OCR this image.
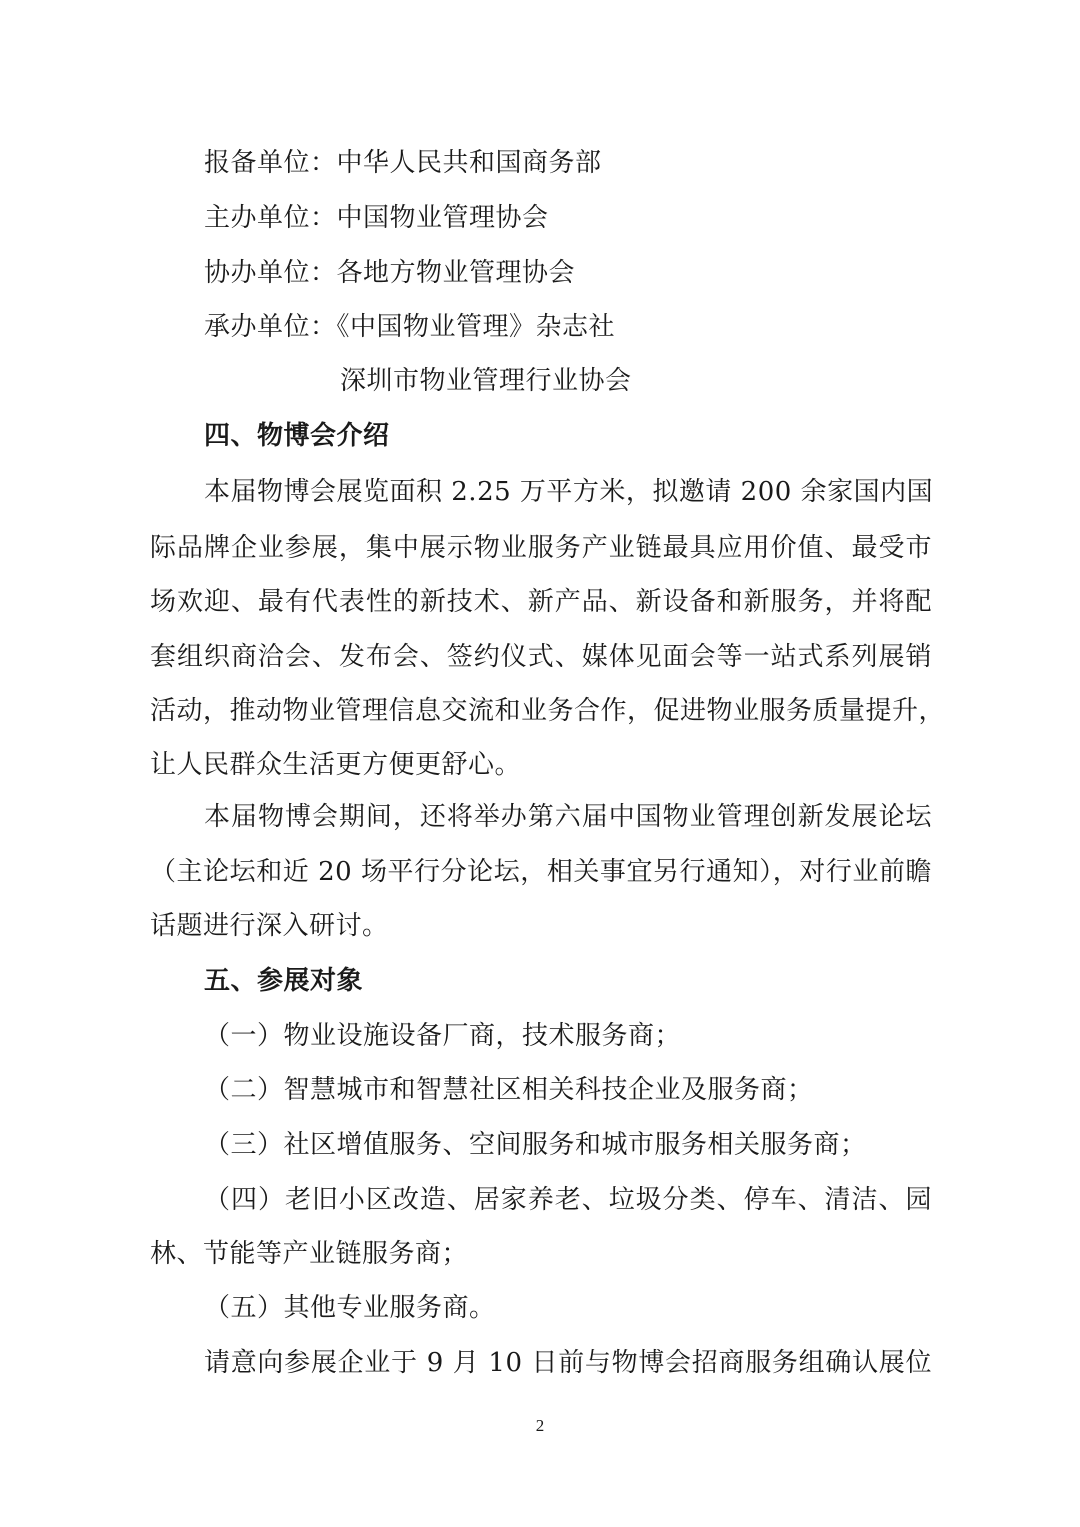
报备单位：中华人民共和国商务部
主办单位：中国物业管理协会
协办单位：各地方物业管理协会
承办单位：《中国物业管理》杂志社
深圳市物业管理行业协会
四、物博会介绍
本届物博会展览面积 2.25 万平方米，拟邀请 200 余家国内国
际品牌企业参展，集中展示物业服务产业链最具应用价值、最受市
场欢迎、最有代表性的新技术、新产品、新设备和新服务，并将配
套组织商洽会、发布会、签约仪式、媒体见面会等一站式系列展销
活动，推动物业管理信息交流和业务合作，促进物业服务质量提升，
让人民群众生活更方便更舒心。
本届物博会期间，还将举办第六届中国物业管理创新发展论坛
（主论坛和近 20 场平行分论坛，相关事宜另行通知），对行业前瞻
话题进行深入研讨。
五、参展对象
（一）物业设施设备厂商，技术服务商；
（二）智慧城市和智慧社区相关科技企业及服务商；
（三）社区增值服务、空间服务和城市服务相关服务商；
（四）老旧小区改造、居家养老、垃圾分类、停车、清洁、园
林、节能等产业链服务商；
（五）其他专业服务商。
请意向参展企业于 9 月 10 日前与物博会招商服务组确认展位
2
